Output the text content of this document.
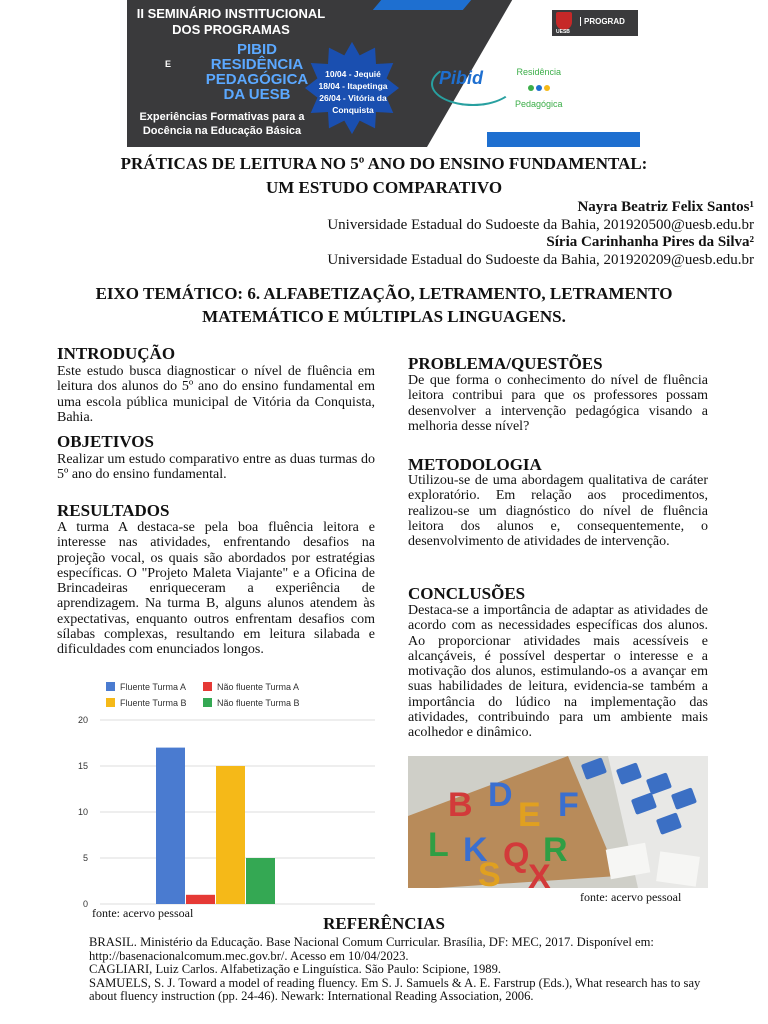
II SEMINÁRIO INSTITUCIONAL
DOS PROGRAMAS
E
PIBID
RESIDÊNCIA
PEDAGÓGICA
DA UESB
Experiências Formativas para a
Docência na Educação Básica
10/04 - Jequié
18/04 - Itapetinga
26/04 - Vitória da
Conquista
Pibid	Residência
Pedagógica
UESB
PROGRAD
PRÁTICAS DE LEITURA NO 5º ANO DO ENSINO FUNDAMENTAL:
UM ESTUDO COMPARATIVO
Nayra Beatriz Felix Santos¹
Universidade Estadual do Sudoeste da Bahia, 201920500@uesb.edu.br
Síria Carinhanha Pires da Silva²
Universidade Estadual do Sudoeste da Bahia, 201920209@uesb.edu.br
EIXO TEMÁTICO: 6. ALFABETIZAÇÃO, LETRAMENTO, LETRAMENTO
MATEMÁTICO E MÚLTIPLAS LINGUAGENS.
INTRODUÇÃO
Este estudo busca diagnosticar o nível de fluência em leitura dos alunos do 5º ano do ensino fundamental em uma escola pública municipal de Vitória da Conquista, Bahia.
OBJETIVOS
Realizar um estudo comparativo entre as duas turmas do 5º ano do ensino fundamental.
RESULTADOS
A turma A destaca-se pela boa fluência leitora e interesse nas atividades, enfrentando desafios na projeção vocal, os quais são abordados por estratégias específicas. O "Projeto Maleta Viajante" e a Oficina de Brincadeiras enriqueceram a experiência de aprendizagem. Na turma B, alguns alunos atendem às expectativas, enquanto outros enfrentam desafios com sílabas complexas, resultando em leitura silabada e dificuldades com enunciados longos.
Fluente Turma A	Não fluente Turma A
Fluente Turma B	Não fluente Turma B
0
5
10
15
20
fonte: acervo pessoal
PROBLEMA/QUESTÕES
De que forma o conhecimento do nível de fluência leitora contribui para que os professores possam desenvolver a intervenção pedagógica visando a melhoria desse nível?
METODOLOGIA
Utilizou-se de uma abordagem qualitativa de caráter exploratório. Em relação aos procedimentos, realizou-se um diagnóstico do nível de fluência leitora dos alunos e, consequentemente, o desenvolvimento de atividades de intervenção.
CONCLUSÕES
Destaca-se a importância de adaptar as atividades de acordo com as necessidades específicas dos alunos. Ao proporcionar atividades mais acessíveis e alcançáveis, é possível despertar o interesse e a motivação dos alunos, estimulando-os a avançar em suas habilidades de leitura, evidencia-se também a importância do lúdico na implementação das atividades, contribuindo para um ambiente mais acolhedor e dinâmico.
B D
E
L K Q R
S X
F
fonte: acervo pessoal
REFERÊNCIAS
BRASIL. Ministério da Educação. Base Nacional Comum Curricular. Brasília, DF: MEC, 2017. Disponível em: http://basenacionalcomum.mec.gov.br/. Acesso em 10/04/2023.
CAGLIARI, Luiz Carlos. Alfabetização e Linguística. São Paulo: Scipione, 1989.
SAMUELS, S. J. Toward a model of reading fluency. Em S. J. Samuels & A. E. Farstrup (Eds.), What research has to say about fluency instruction (pp. 24-46). Newark: International Reading Association, 2006.
